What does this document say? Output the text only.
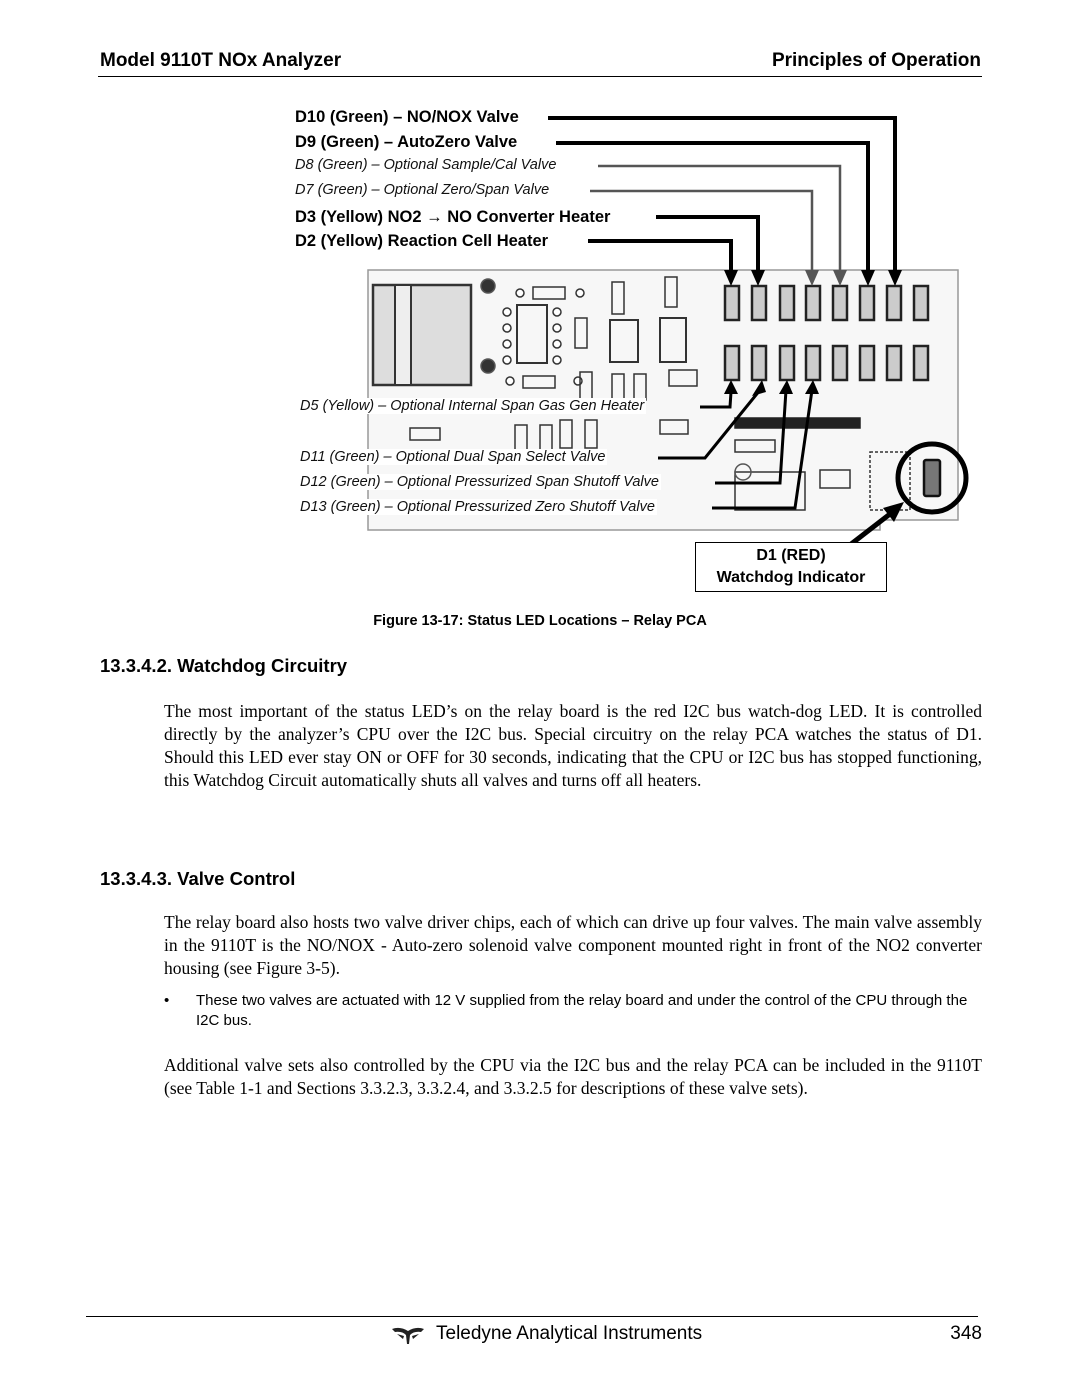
Model 9110T NOx Analyzer	Principles of Operation
D10 (Green) – NO/NOX Valve
D9 (Green) – AutoZero Valve
D8 (Green) – Optional Sample/Cal Valve
D7 (Green) – Optional Zero/Span Valve
D3 (Yellow) NO2 → NO Converter Heater
D2 (Yellow) Reaction Cell Heater
D5 (Yellow) – Optional Internal Span Gas Gen Heater
D11 (Green) – Optional Dual Span Select Valve
D12 (Green) – Optional Pressurized Span Shutoff Valve
D13 (Green) – Optional Pressurized Zero Shutoff Valve
D1 (RED)
Watchdog Indicator
Figure 13-17: Status LED Locations – Relay PCA
13.3.4.2. Watchdog Circuitry
The most important of the status LED’s on the relay board is the red I2C bus watch-dog LED. It is controlled directly by the analyzer’s CPU over the I2C bus. Special circuitry on the relay PCA watches the status of D1. Should this LED ever stay ON or OFF for 30 seconds, indicating that the CPU or I2C bus has stopped functioning, this Watchdog Circuit automatically shuts all valves and turns off all heaters.
13.3.4.3. Valve Control
The relay board also hosts two valve driver chips, each of which can drive up four valves. The main valve assembly in the 9110T is the NO/NOX - Auto-zero solenoid valve component mounted right in front of the NO2 converter housing (see Figure 3-5).
• These two valves are actuated with 12 V supplied from the relay board and under the control of the CPU through the I2C bus.
Additional valve sets also controlled by the CPU via the I2C bus and the relay PCA can be included in the 9110T (see Table 1-1 and Sections 3.3.2.3, 3.3.2.4, and 3.3.2.5 for descriptions of these valve sets).
Teledyne Analytical Instruments	348
